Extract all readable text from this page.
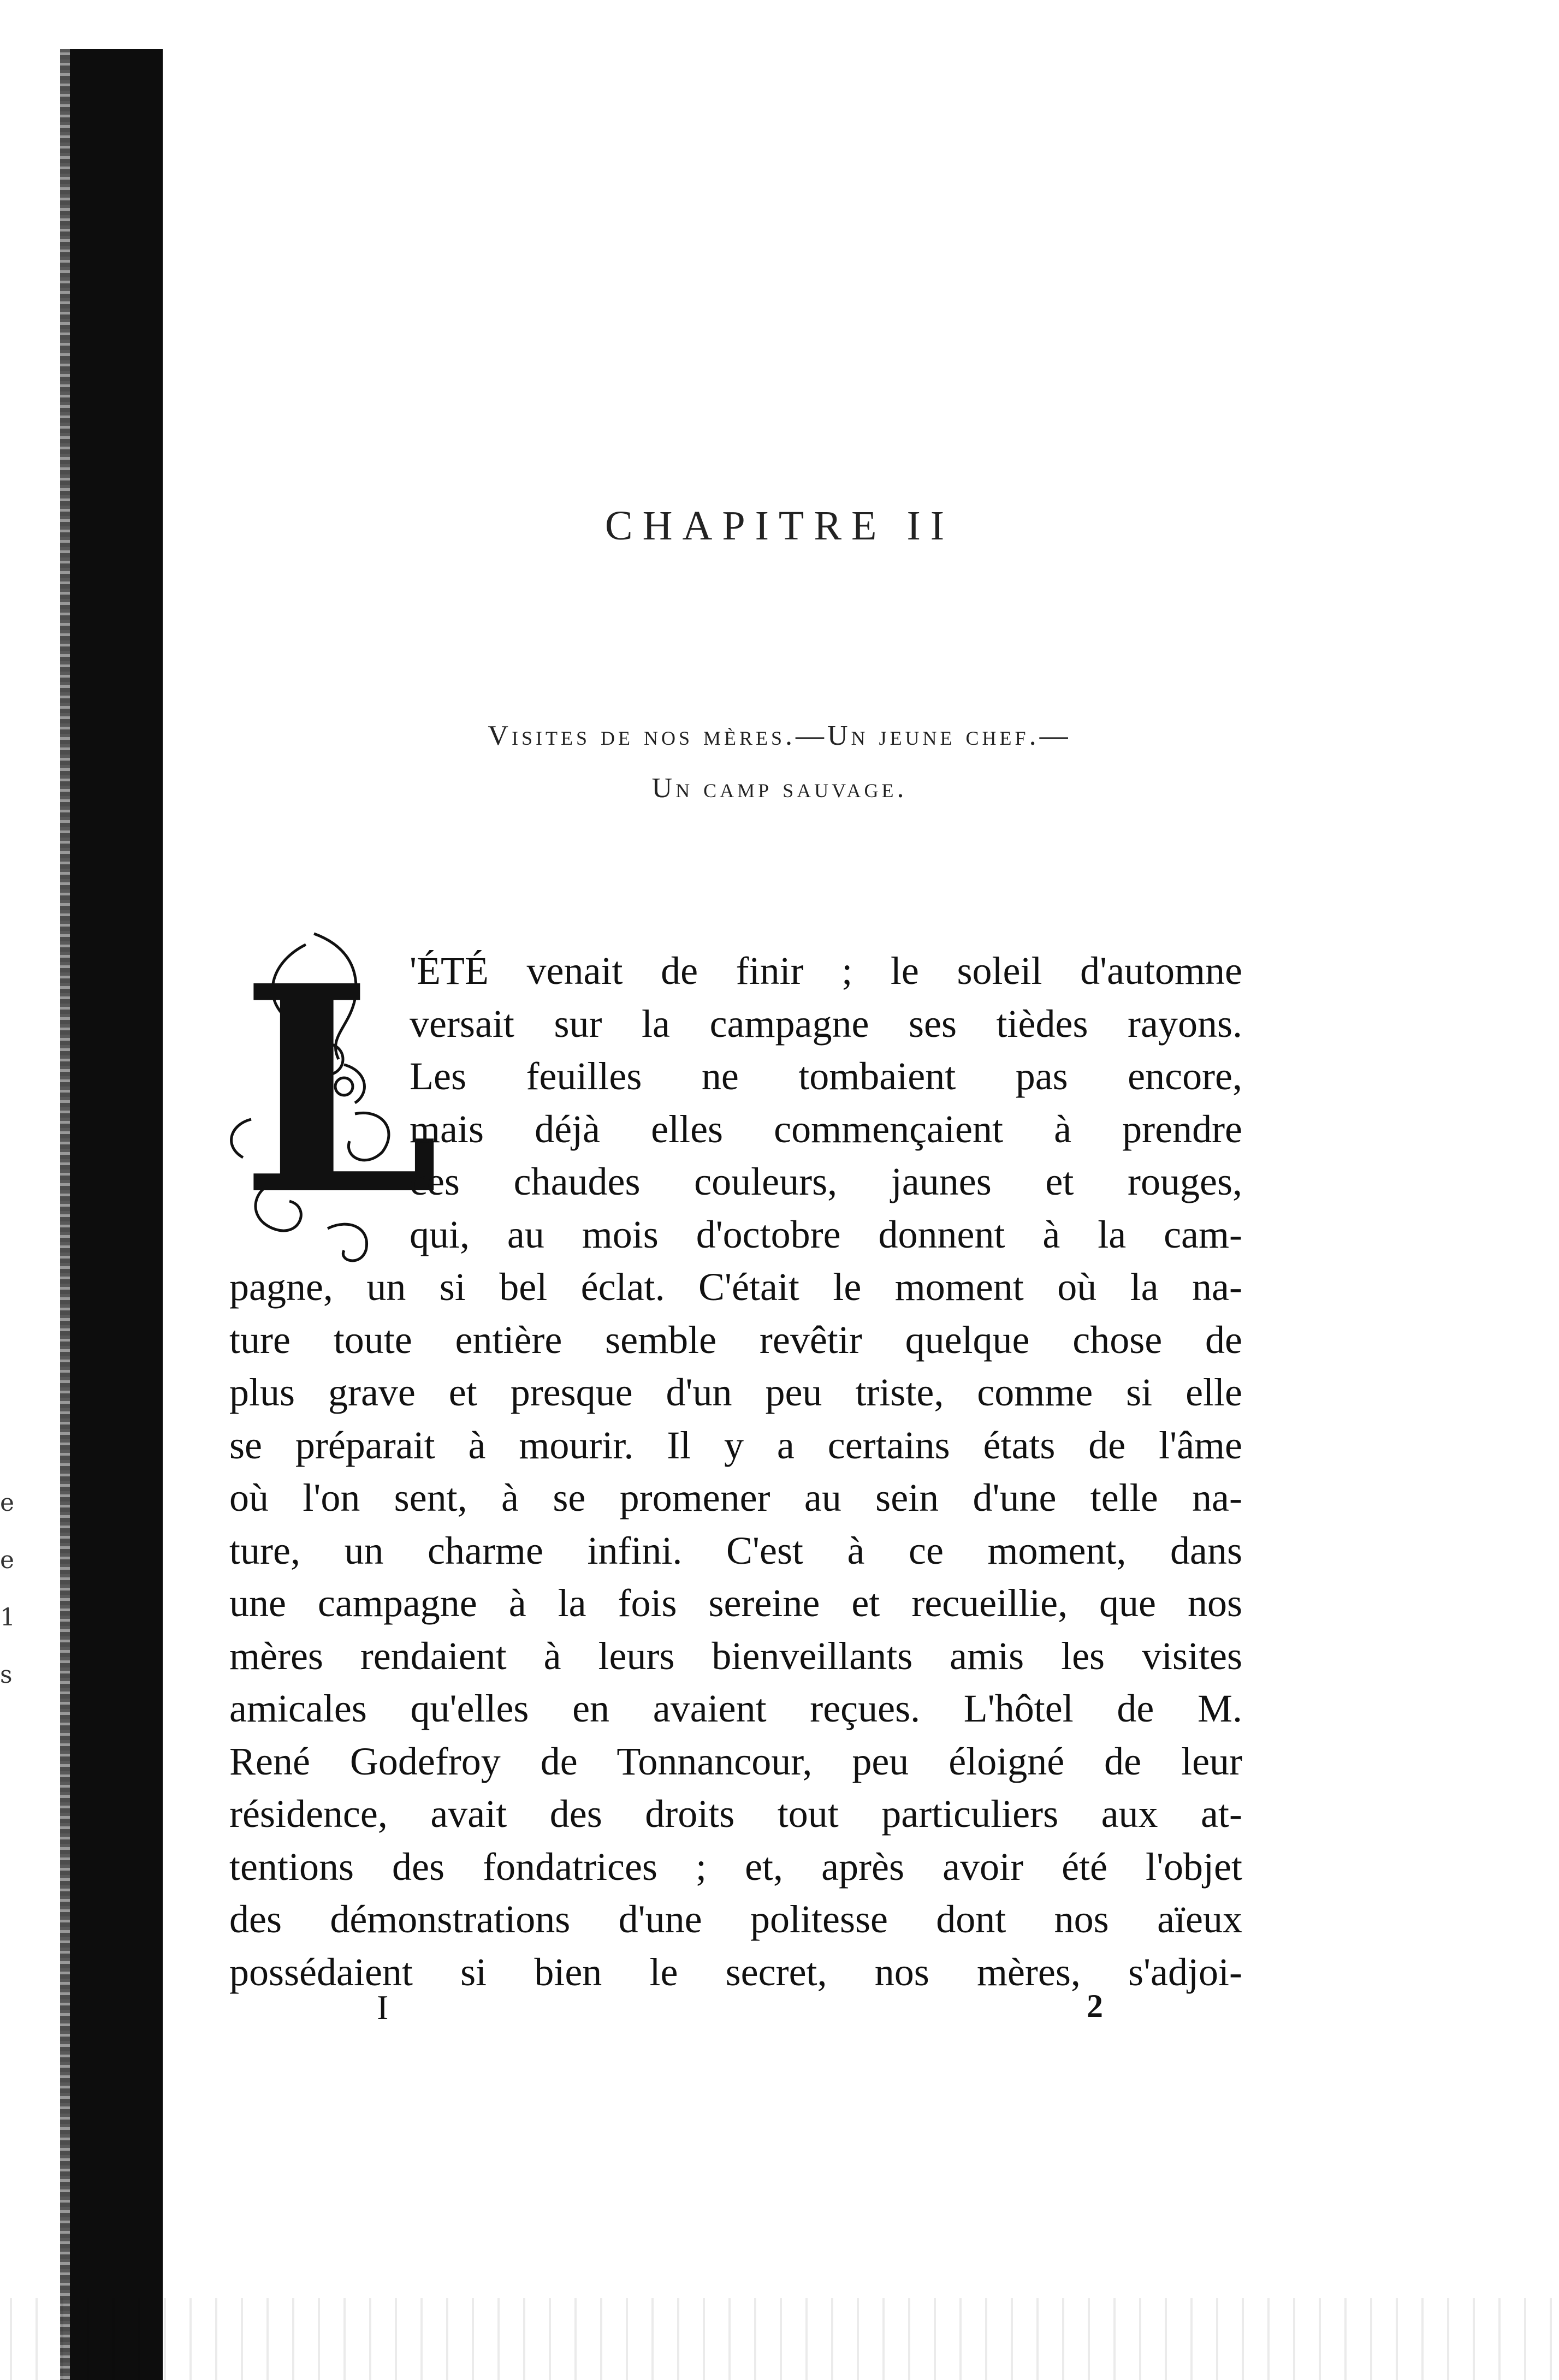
e
e
1
s
CHAPITRE II
Visites de nos mères.—Un jeune chef.—
Un camp sauvage.
L
'ÉTÉ venait de finir ; le soleil d'automne
versait sur la campagne ses tièdes rayons.
Les feuilles ne tombaient pas encore,
mais déjà elles commençaient à prendre
ces chaudes couleurs, jaunes et rouges,
qui, au mois d'octobre donnent à la cam-
pagne, un si bel éclat. C'était le moment où la na-
ture toute entière semble revêtir quelque chose de
plus grave et presque d'un peu triste, comme si elle
se préparait à mourir. Il y a certains états de l'âme
où l'on sent, à se promener au sein d'une telle na-
ture, un charme infini. C'est à ce moment, dans
une campagne à la fois sereine et recueillie, que nos
mères rendaient à leurs bienveillants amis les visites
amicales qu'elles en avaient reçues. L'hôtel de M.
René Godefroy de Tonnancour, peu éloigné de leur
résidence, avait des droits tout particuliers aux at-
tentions des fondatrices ; et, après avoir été l'objet
des démonstrations d'une politesse dont nos aïeux
possédaient si bien le secret, nos mères, s'adjoi-
I	2
